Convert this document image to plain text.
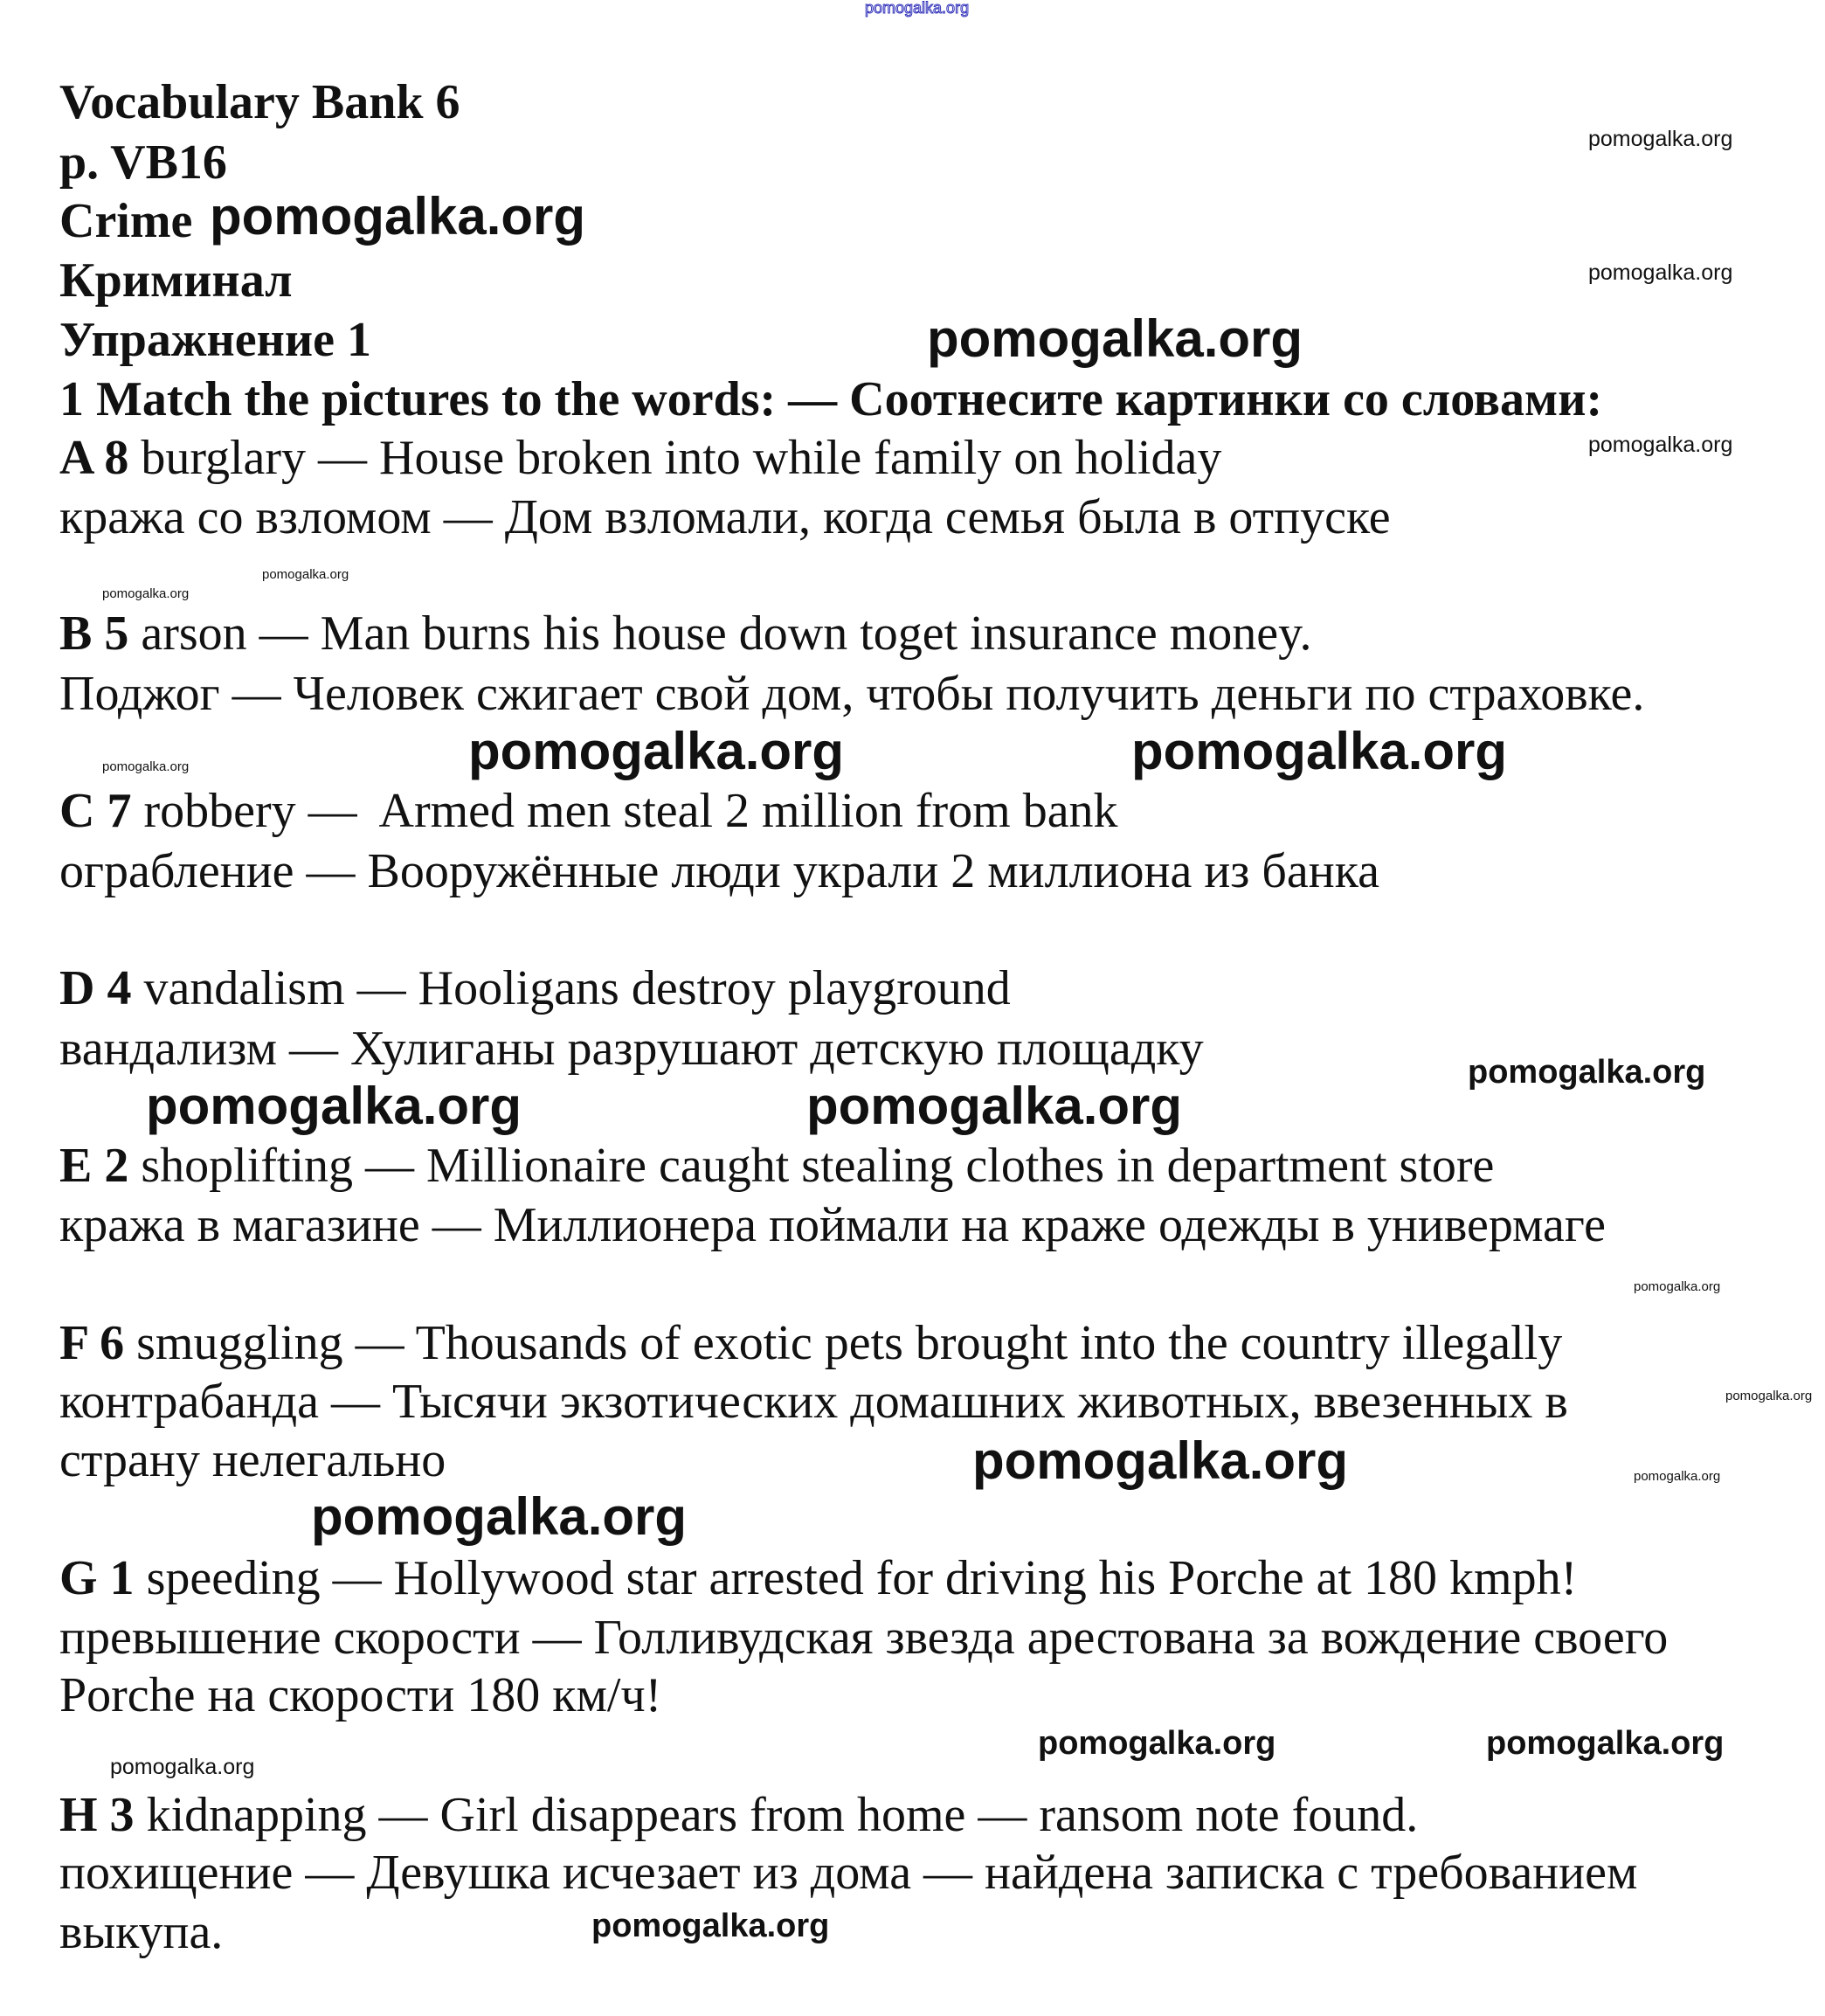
Vocabulary Bank 6
p. VB16
Crime
Криминал
Упражнение 1
1 Match the pictures to the words: — Соотнесите картинки со словами:
A 8 burglary — House broken into while family on holiday
кража со взломом — Дом взломали, когда семья была в отпуске
B 5 arson — Man burns his house down toget insurance money.
Поджог — Человек сжигает свой дом, чтобы получить деньги по страховке.
C 7 robbery —  Armed men steal 2 million from bank
ограбление — Вооружённые люди украли 2 миллиона из банка
D 4 vandalism — Hooligans destroy playground
вандализм — Хулиганы разрушают детскую площадку
E 2 shoplifting — Millionaire caught stealing clothes in department store
кража в магазине — Миллионера поймали на краже одежды в универмаге
F 6 smuggling — Thousands of exotic pets brought into the country illegally
контрабанда — Тысячи экзотических домашних животных, ввезенных в
страну нелегально
G 1 speeding — Hollywood star arrested for driving his Porche at 180 kmph!
превышение скорости — Голливудская звезда арестована за вождение своего
Porche на скорости 180 км/ч!
H 3 kidnapping — Girl disappears from home — ransom note found.
похищение — Девушка исчезает из дома — найдена записка с требованием
выкупа.
pomogalka.org
pomogalka.org
pomogalka.org
pomogalka.org
pomogalka.org
pomogalka.org
pomogalka.org	pomogalka.org
pomogalka.org	pomogalka.org
pomogalka.org
pomogalka.org
pomogalka.org
pomogalka.org	pomogalka.org
pomogalka.org
pomogalka.org
pomogalka.org
pomogalka.org
pomogalka.org
pomogalka.org
pomogalka.org
pomogalka.org
